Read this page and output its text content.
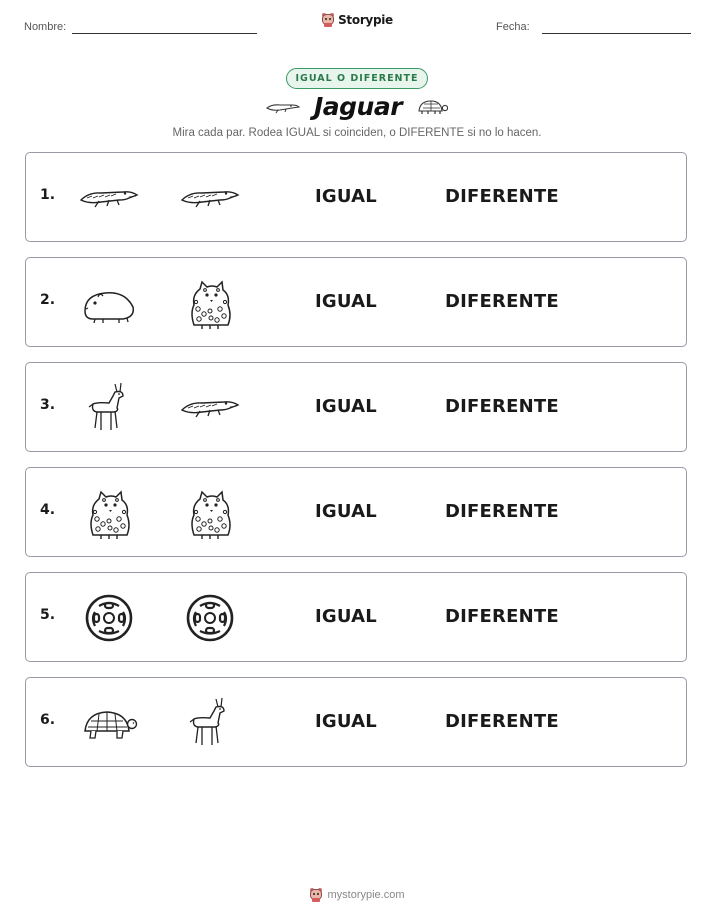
Nombre:	Storypie	Fecha:
IGUAL O DIFERENTE
Jaguar
Mira cada par. Rodea IGUAL si coinciden, o DIFERENTE si no lo hacen.
1.	IGUAL	DIFERENTE
2.	IGUAL	DIFERENTE
3.	IGUAL	DIFERENTE
4.	IGUAL	DIFERENTE
5.	IGUAL	DIFERENTE
6.	IGUAL	DIFERENTE
mystorypie.com
